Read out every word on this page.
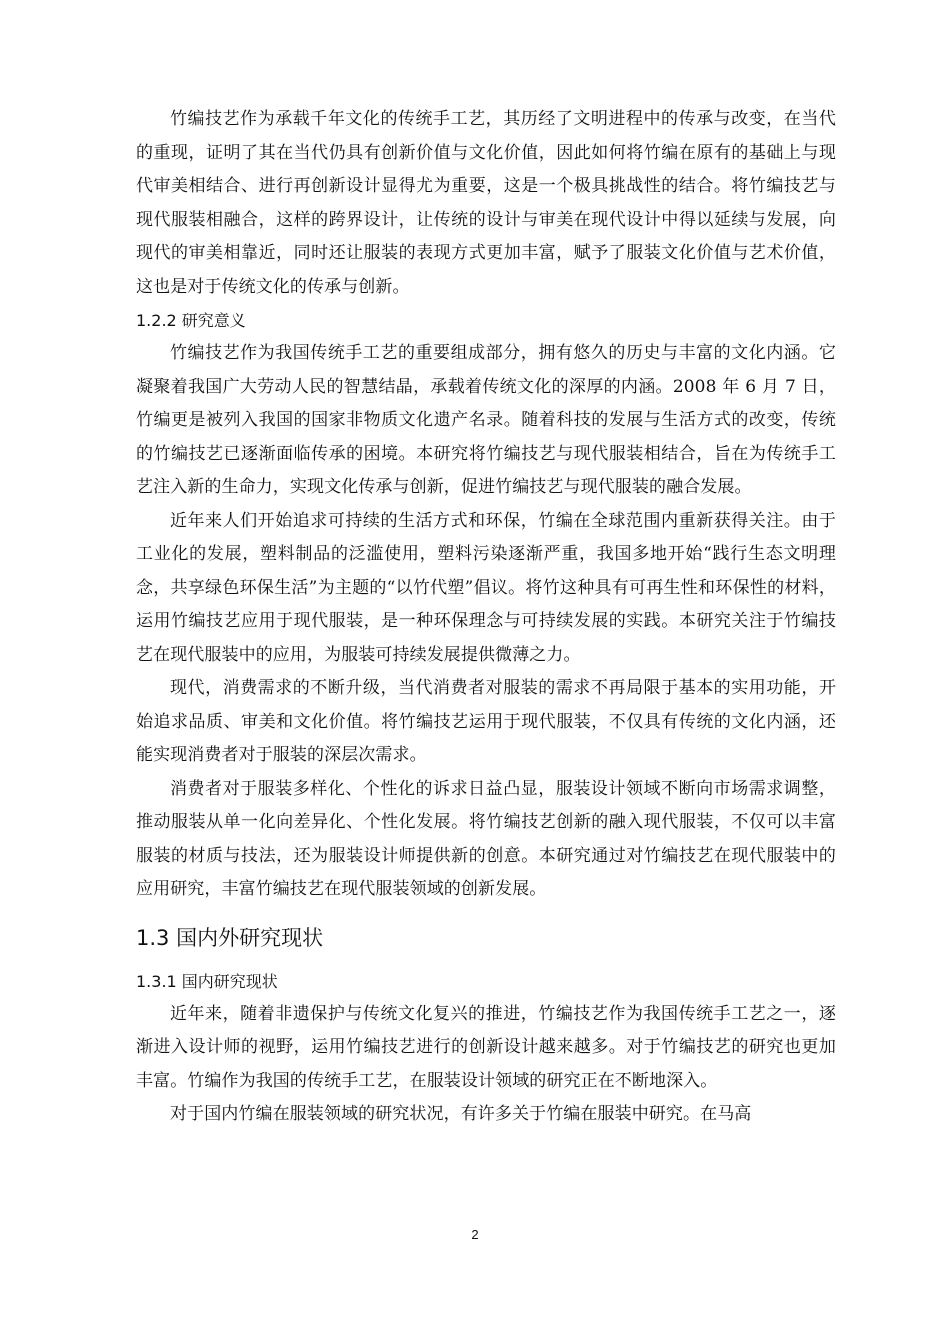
竹编技艺作为承载千年文化的传统手工艺，其历经了文明进程中的传承与改变，在当代的重现，证明了其在当代仍具有创新价值与文化价值，因此如何将竹编在原有的基础上与现代审美相结合、进行再创新设计显得尤为重要，这是一个极具挑战性的结合。将竹编技艺与现代服装相融合，这样的跨界设计，让传统的设计与审美在现代设计中得以延续与发展，向现代的审美相靠近，同时还让服装的表现方式更加丰富，赋予了服装文化价值与艺术价值，这也是对于传统文化的传承与创新。

1.2.2 研究意义

竹编技艺作为我国传统手工艺的重要组成部分，拥有悠久的历史与丰富的文化内涵。它凝聚着我国广大劳动人民的智慧结晶，承载着传统文化的深厚的内涵。2008 年 6 月 7 日，竹编更是被列入我国的国家非物质文化遗产名录。随着科技的发展与生活方式的改变，传统的竹编技艺已逐渐面临传承的困境。本研究将竹编技艺与现代服装相结合，旨在为传统手工艺注入新的生命力，实现文化传承与创新，促进竹编技艺与现代服装的融合发展。

近年来人们开始追求可持续的生活方式和环保，竹编在全球范围内重新获得关注。由于工业化的发展，塑料制品的泛滥使用，塑料污染逐渐严重，我国多地开始“践行生态文明理念，共享绿色环保生活”为主题的“以竹代塑”倡议。将竹这种具有可再生性和环保性的材料，运用竹编技艺应用于现代服装，是一种环保理念与可持续发展的实践。本研究关注于竹编技艺在现代服装中的应用，为服装可持续发展提供微薄之力。

现代，消费需求的不断升级，当代消费者对服装的需求不再局限于基本的实用功能，开始追求品质、审美和文化价值。将竹编技艺运用于现代服装，不仅具有传统的文化内涵，还能实现消费者对于服装的深层次需求。

消费者对于服装多样化、个性化的诉求日益凸显，服装设计领域不断向市场需求调整，推动服装从单一化向差异化、个性化发展。将竹编技艺创新的融入现代服装，不仅可以丰富服装的材质与技法，还为服装设计师提供新的创意。本研究通过对竹编技艺在现代服装中的应用研究，丰富竹编技艺在现代服装领域的创新发展。

1.3 国内外研究现状
1.3.1 国内研究现状

近年来，随着非遗保护与传统文化复兴的推进，竹编技艺作为我国传统手工艺之一，逐渐进入设计师的视野，运用竹编技艺进行的创新设计越来越多。对于竹编技艺的研究也更加丰富。竹编作为我国的传统手工艺，在服装设计领域的研究正在不断地深入。

对于国内竹编在服装领域的研究状况，有许多关于竹编在服装中研究。在马高

2
